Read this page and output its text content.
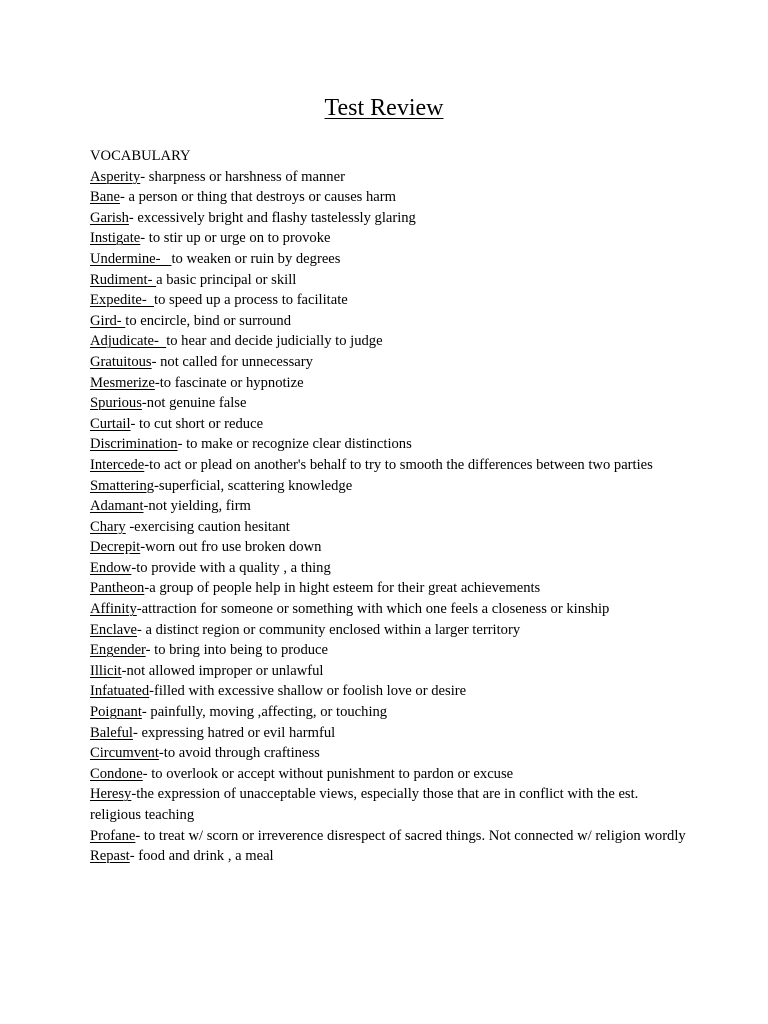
Test Review
VOCABULARY
Asperity- sharpness or harshness of manner
Bane- a person or thing that destroys or causes harm
Garish- excessively bright and flashy tastelessly glaring
Instigate- to stir up or urge on to provoke
Undermine-   to weaken or ruin by degrees
Rudiment- a basic principal or skill
Expedite-  to speed up a process to facilitate
Gird- to encircle, bind or surround
Adjudicate-  to hear and decide judicially to judge
Gratuitous- not called for unnecessary
Mesmerize-to fascinate or hypnotize
Spurious-not genuine false
Curtail- to cut short or reduce
Discrimination- to make or recognize clear distinctions
Intercede-to act or plead on another's behalf to try to smooth the differences between two parties
Smattering-superficial, scattering knowledge
Adamant-not yielding, firm
Chary -exercising caution hesitant
Decrepit-worn out fro use broken down
Endow-to provide with a quality , a thing
Pantheon-a group of people help in hight esteem for their great achievements
Affinity-attraction for someone or something with which one feels a closeness or kinship
Enclave- a distinct region or community enclosed within a larger territory
Engender- to bring into being to produce
Illicit-not allowed improper or unlawful
Infatuated-filled with excessive shallow or foolish love or desire
Poignant- painfully, moving ,affecting, or touching
Baleful- expressing hatred or evil harmful
Circumvent-to avoid through craftiness
Condone- to overlook or accept without punishment to pardon or excuse
Heresy-the expression of unacceptable views, especially those that are in conflict with the est. religious teaching
Profane- to treat w/ scorn or irreverence disrespect of sacred things. Not connected w/ religion wordly
Repast- food and drink , a meal
